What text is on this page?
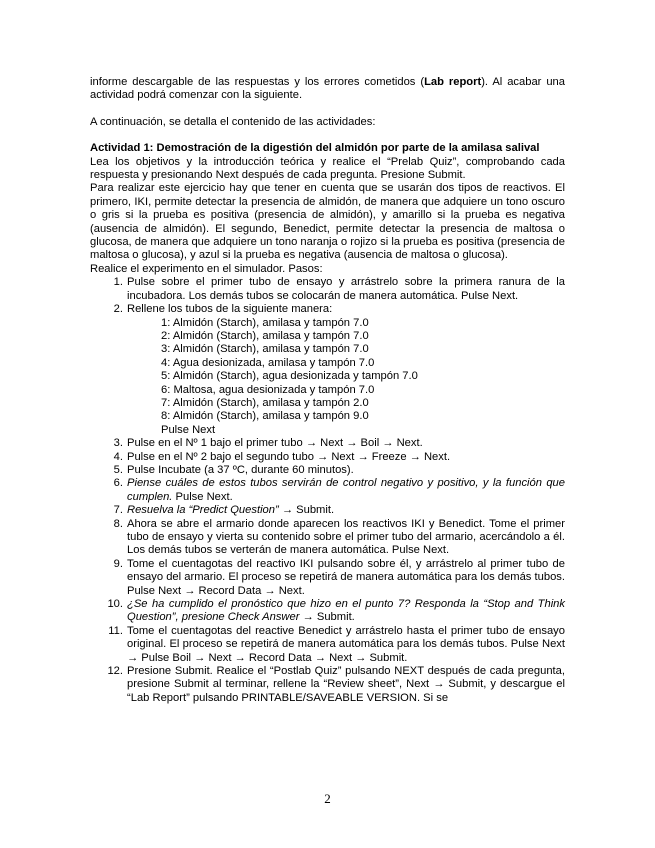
informe descargable de las respuestas y los errores cometidos (Lab report). Al acabar una actividad podrá comenzar con la siguiente.

A continuación, se detalla el contenido de las actividades:

Actividad 1: Demostración de la digestión del almidón por parte de la amilasa salival

Lea los objetivos y la introducción teórica y realice el “Prelab Quiz”, comprobando cada respuesta y presionando Next después de cada pregunta. Presione Submit.

Para realizar este ejercicio hay que tener en cuenta que se usarán dos tipos de reactivos. El primero, IKI, permite detectar la presencia de almidón, de manera que adquiere un tono oscuro o gris si la prueba es positiva (presencia de almidón), y amarillo si la prueba es negativa (ausencia de almidón). El segundo, Benedict, permite detectar la presencia de maltosa o glucosa, de manera que adquiere un tono naranja o rojizo si la prueba es positiva (presencia de maltosa o glucosa), y azul si la prueba es negativa (ausencia de maltosa o glucosa).

Realice el experimento en el simulador. Pasos:

1. Pulse sobre el primer tubo de ensayo y arrástrelo sobre la primera ranura de la incubadora. Los demás tubos se colocarán de manera automática. Pulse Next.
2. Rellene los tubos de la siguiente manera:
1: Almidón (Starch), amilasa y tampón 7.0
2: Almidón (Starch), amilasa y tampón 7.0
3: Almidón (Starch), amilasa y tampón 7.0
4: Agua desionizada, amilasa y tampón 7.0
5: Almidón (Starch), agua desionizada y tampón 7.0
6: Maltosa, agua desionizada y tampón 7.0
7: Almidón (Starch), amilasa y tampón 2.0
8: Almidón (Starch), amilasa y tampón 9.0
Pulse Next
3. Pulse en el Nº 1 bajo el primer tubo → Next → Boil → Next.
4. Pulse en el Nº 2 bajo el segundo tubo → Next → Freeze → Next.
5. Pulse Incubate (a 37 ºC, durante 60 minutos).
6. Piense cuáles de estos tubos servirán de control negativo y positivo, y la función que cumplen. Pulse Next.
7. Resuelva la “Predict Question” → Submit.
8. Ahora se abre el armario donde aparecen los reactivos IKI y Benedict. Tome el primer tubo de ensayo y vierta su contenido sobre el primer tubo del armario, acercándolo a él. Los demás tubos se verterán de manera automática. Pulse Next.
9. Tome el cuentagotas del reactivo IKI pulsando sobre él, y arrástrelo al primer tubo de ensayo del armario. El proceso se repetirá de manera automática para los demás tubos. Pulse Next → Record Data → Next.
10. ¿Se ha cumplido el pronóstico que hizo en el punto 7? Responda la “Stop and Think Question”, presione Check Answer → Submit.
11. Tome el cuentagotas del reactive Benedict y arrástrelo hasta el primer tubo de ensayo original. El proceso se repetirá de manera automática para los demás tubos. Pulse Next → Pulse Boil → Next → Record Data → Next → Submit.
12. Presione Submit. Realice el “Postlab Quiz” pulsando NEXT después de cada pregunta, presione Submit al terminar, rellene la “Review sheet”, Next → Submit, y descargue el “Lab Report” pulsando PRINTABLE/SAVEABLE VERSION. Si se
2
